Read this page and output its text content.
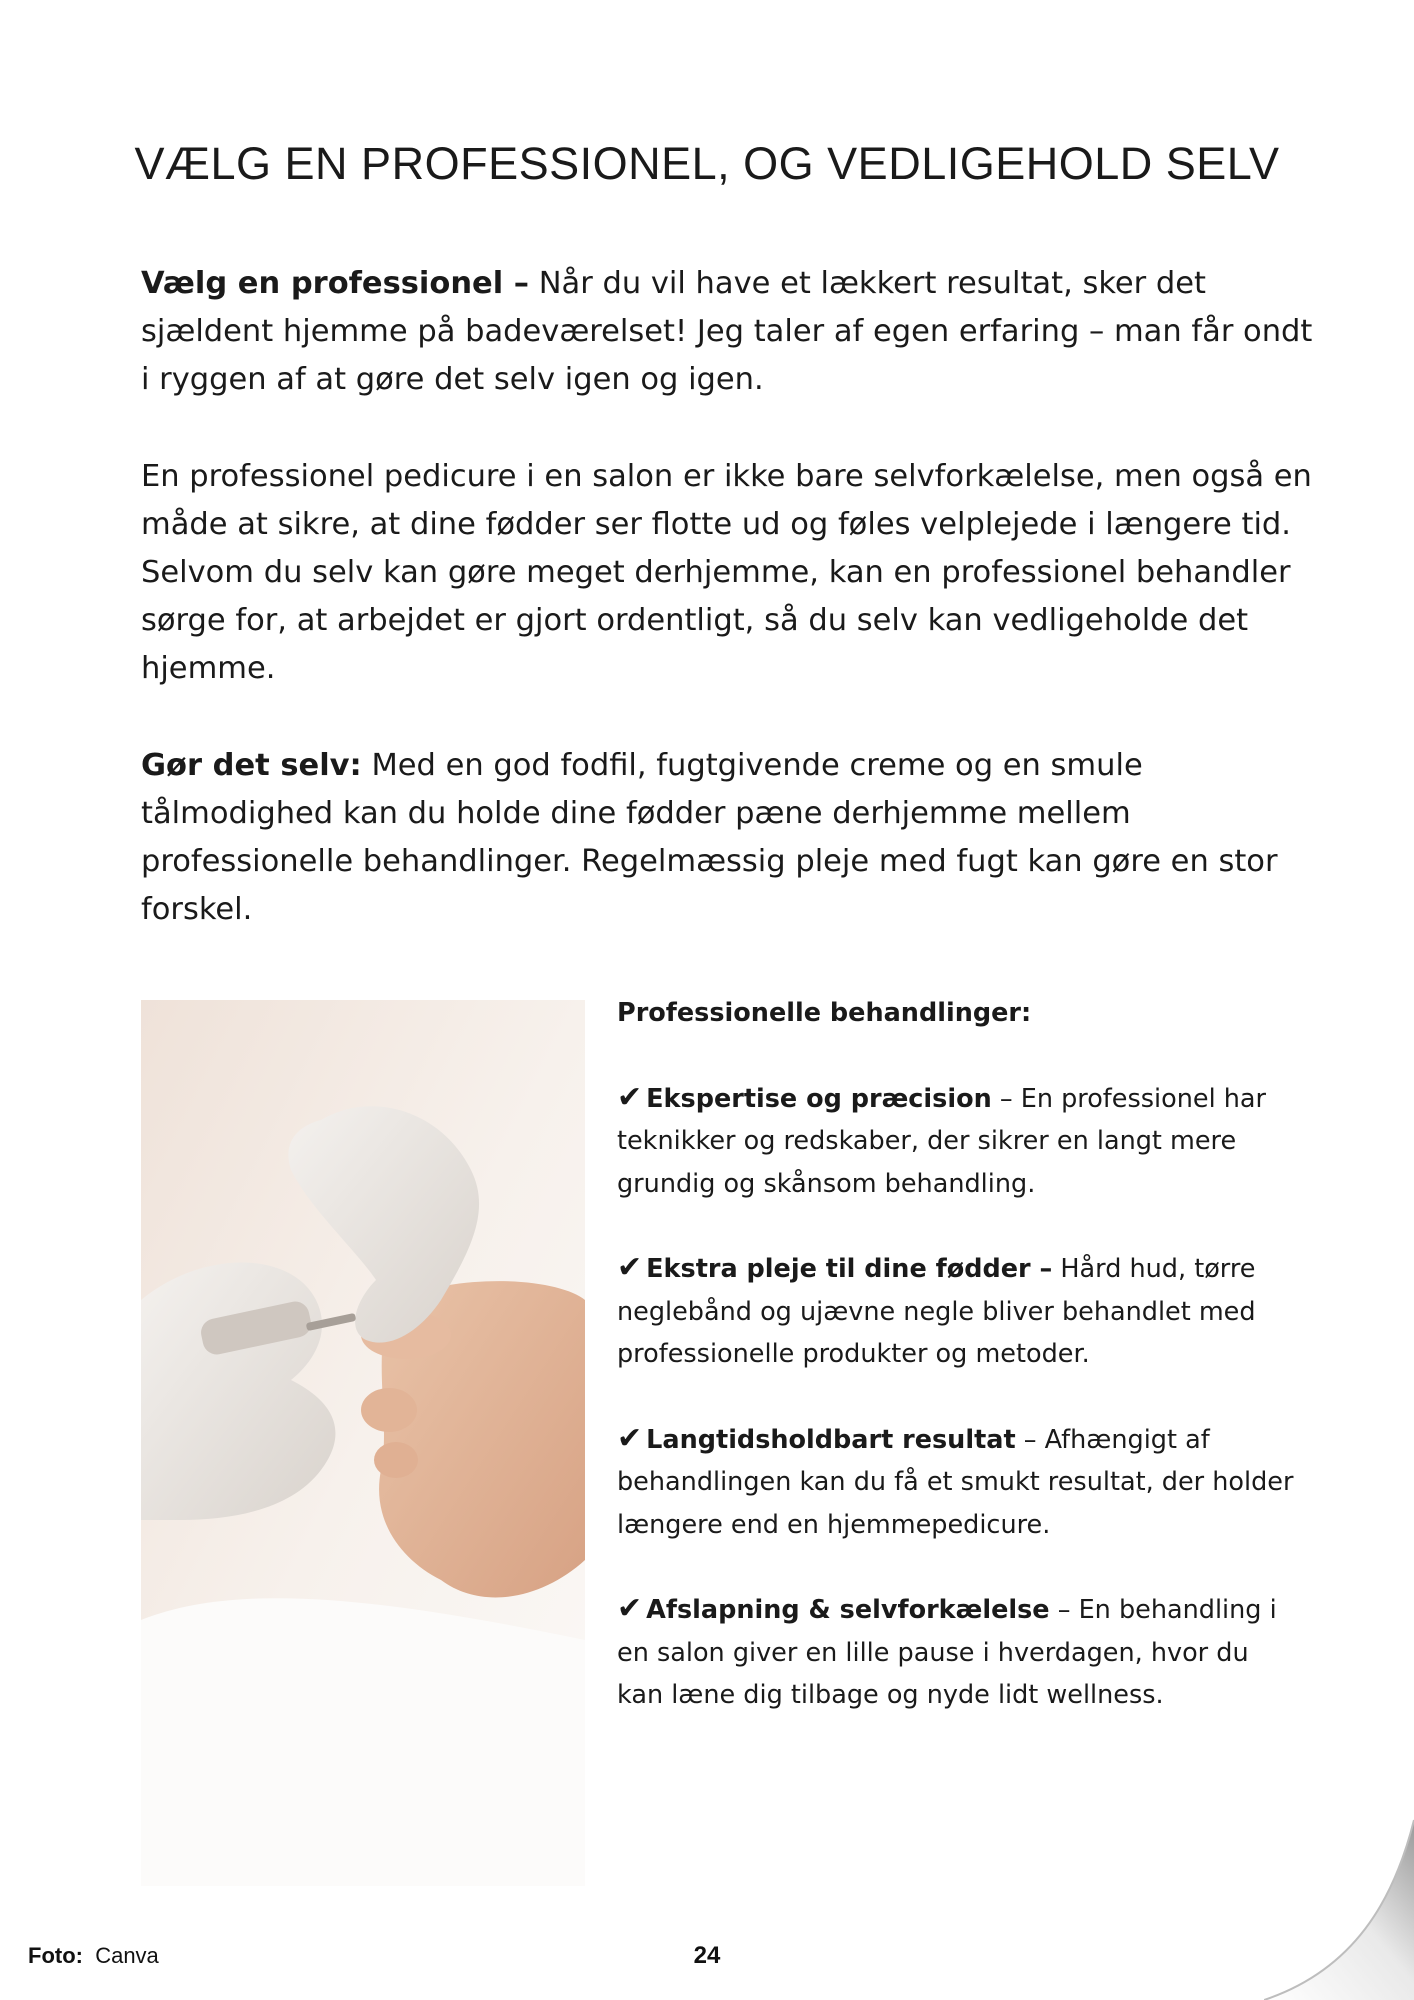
VÆLG EN PROFESSIONEL, OG VEDLIGEHOLD SELV

Vælg en professionel – Når du vil have et lækkert resultat, sker det sjældent hjemme på badeværelset! Jeg taler af egen erfaring – man får ondt i ryggen af at gøre det selv igen og igen.

En professionel pedicure i en salon er ikke bare selvforkælelse, men også en måde at sikre, at dine fødder ser flotte ud og føles velplejede i længere tid. Selvom du selv kan gøre meget derhjemme, kan en professionel behandler sørge for, at arbejdet er gjort ordentligt, så du selv kan vedligeholde det hjemme.

Gør det selv: Med en god fodfil, fugtgivende creme og en smule tålmodighed kan du holde dine fødder pæne derhjemme mellem professionelle behandlinger. Regelmæssig pleje med fugt kan gøre en stor forskel.

Professionelle behandlinger:
✔ Ekspertise og præcision – En professionel har teknikker og redskaber, der sikrer en langt mere grundig og skånsom behandling.
✔ Ekstra pleje til dine fødder – Hård hud, tørre neglebånd og ujævne negle bliver behandlet med professionelle produkter og metoder.
✔ Langtidsholdbart resultat – Afhængigt af behandlingen kan du få et smukt resultat, der holder længere end en hjemmepedicure.
✔ Afslapning & selvforkælelse – En behandling i en salon giver en lille pause i hverdagen, hvor du kan læne dig tilbage og nyde lidt wellness.
Foto: Canva	24
